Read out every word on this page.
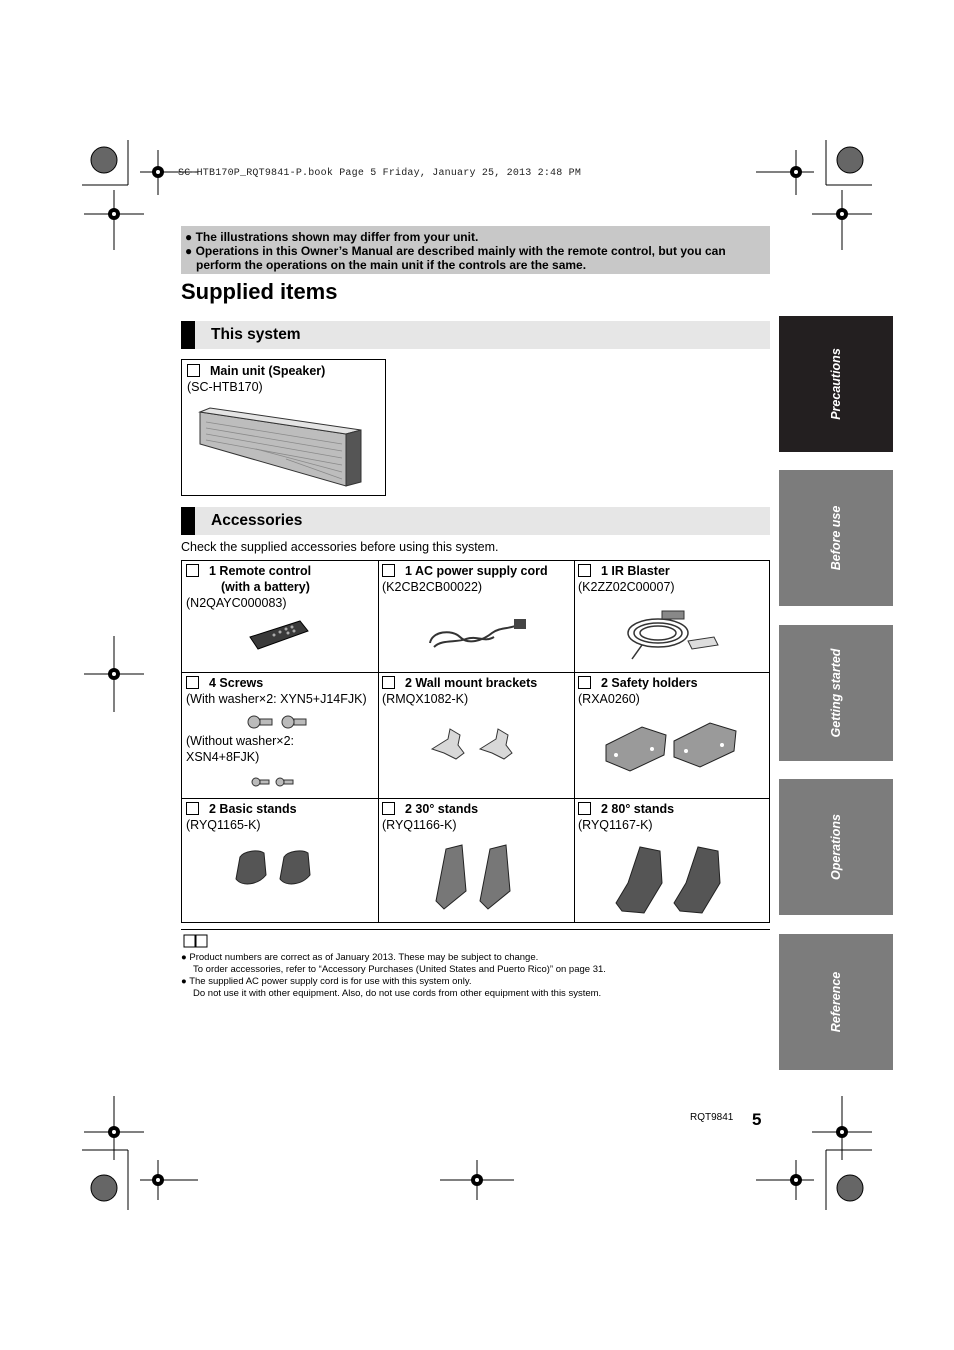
SC-HTB170P_RQT9841-P.book Page 5 Friday, January 25, 2013 2:48 PM
● The illustrations shown may differ from your unit.
● Operations in this Owner’s Manual are described mainly with the remote control, but you can
perform the operations on the main unit if the controls are the same.
Supplied items
This system
Main unit (Speaker)
(SC-HTB170)
Accessories
Check the supplied accessories before using this system.
1 Remote control
(with a battery)
(N2QAYC000083)
1 AC power supply cord
(K2CB2CB00022)
1 IR Blaster
(K2ZZ02C00007)
4 Screws
(With washer×2: XYN5+J14FJK)
(Without washer×2:
XSN4+8FJK)
2 Wall mount brackets
(RMQX1082-K)
2 Safety holders
(RXA0260)
2 Basic stands
(RYQ1165-K)
2 30° stands
(RYQ1166-K)
2 80° stands
(RYQ1167-K)
● Product numbers are correct as of January 2013. These may be subject to change.
To order accessories, refer to “Accessory Purchases (United States and Puerto Rico)” on page 31.
● The supplied AC power supply cord is for use with this system only.
Do not use it with other equipment. Also, do not use cords from other equipment with this system.
Precautions
Before use
Getting started
Operations
Reference
RQT9841 5
